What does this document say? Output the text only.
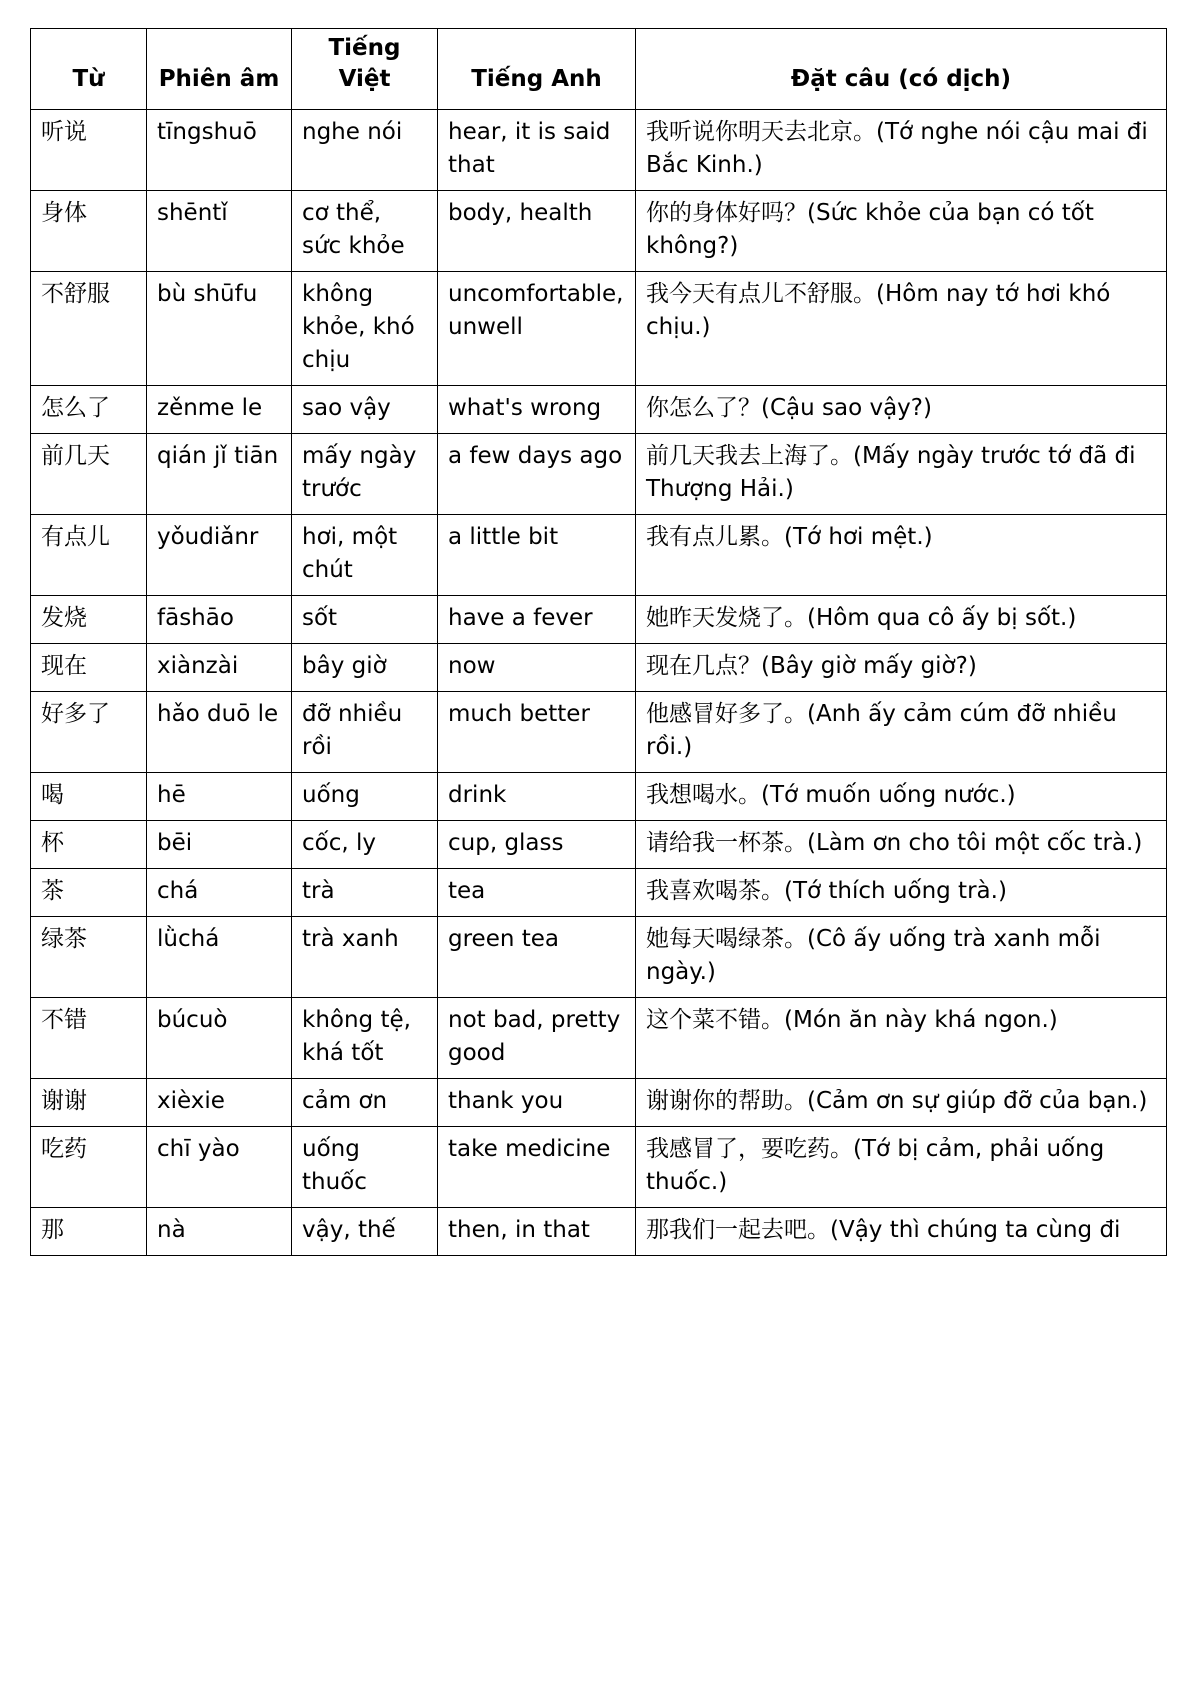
Từ	Phiên âm	Tiếng Việt	Tiếng Anh	Đặt câu (có dịch)
听说	tīngshuō	nghe nói	hear, it is said that	我听说你明天去北京。(Tớ nghe nói cậu mai đi Bắc Kinh.)
身体	shēntǐ	cơ thể, sức khỏe	body, health	你的身体好吗？(Sức khỏe của bạn có tốt không?)
不舒服	bù shūfu	không khỏe, khó chịu	uncomfortable, unwell	我今天有点儿不舒服。(Hôm nay tớ hơi khó chịu.)
怎么了	zěnme le	sao vậy	what's wrong	你怎么了？(Cậu sao vậy?)
前几天	qián jǐ tiān	mấy ngày trước	a few days ago	前几天我去上海了。(Mấy ngày trước tớ đã đi Thượng Hải.)
有点儿	yǒudiǎnr	hơi, một chút	a little bit	我有点儿累。(Tớ hơi mệt.)
发烧	fāshāo	sốt	have a fever	她昨天发烧了。(Hôm qua cô ấy bị sốt.)
现在	xiànzài	bây giờ	now	现在几点？(Bây giờ mấy giờ?)
好多了	hǎo duō le	đỡ nhiều rồi	much better	他感冒好多了。(Anh ấy cảm cúm đỡ nhiều rồi.)
喝	hē	uống	drink	我想喝水。(Tớ muốn uống nước.)
杯	bēi	cốc, ly	cup, glass	请给我一杯茶。(Làm ơn cho tôi một cốc trà.)
茶	chá	trà	tea	我喜欢喝茶。(Tớ thích uống trà.)
绿茶	lǜchá	trà xanh	green tea	她每天喝绿茶。(Cô ấy uống trà xanh mỗi ngày.)
不错	búcuò	không tệ, khá tốt	not bad, pretty good	这个菜不错。(Món ăn này khá ngon.)
谢谢	xièxie	cảm ơn	thank you	谢谢你的帮助。(Cảm ơn sự giúp đỡ của bạn.)
吃药	chī yào	uống thuốc	take medicine	我感冒了，要吃药。(Tớ bị cảm, phải uống thuốc.)
那	nà	vậy, thế	then, in that	那我们一起去吧。(Vậy thì chúng ta cùng đi
